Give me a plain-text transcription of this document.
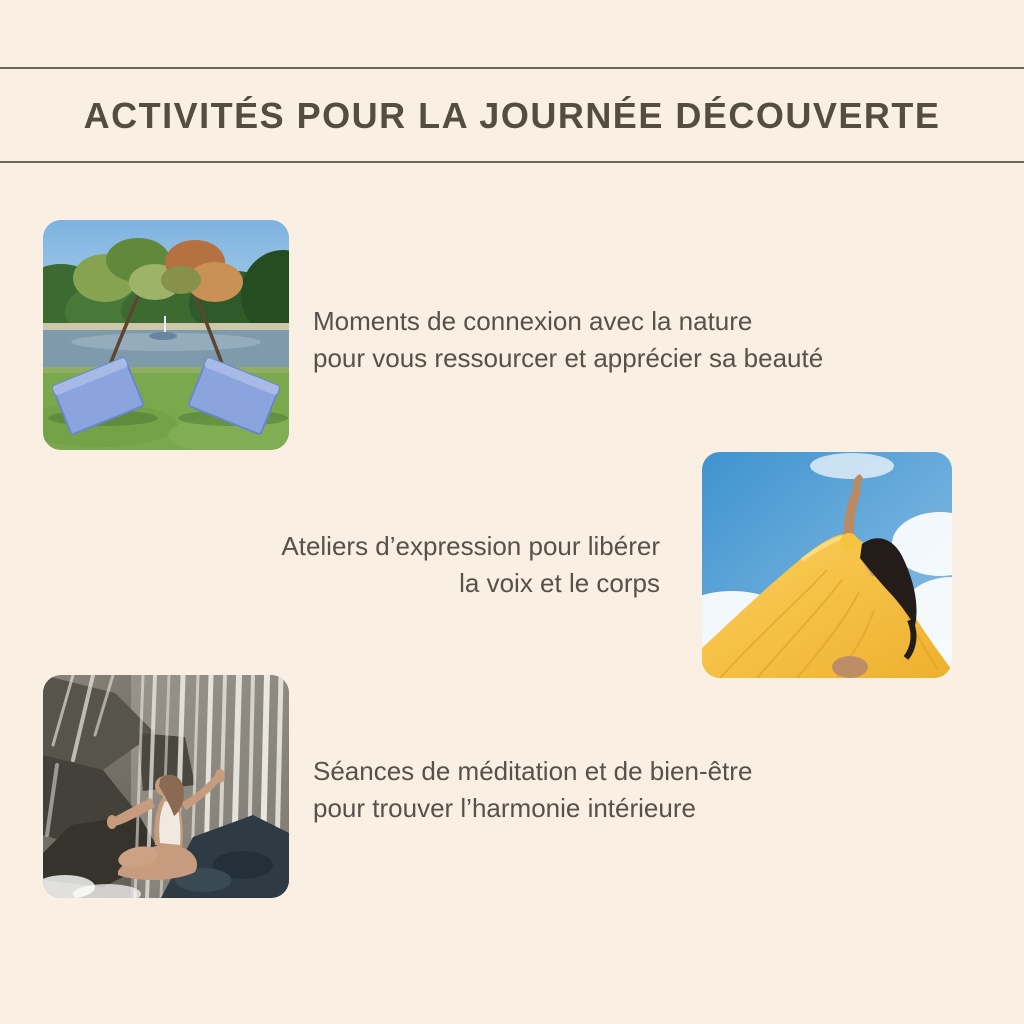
ACTIVITÉS POUR LA JOURNÉE DÉCOUVERTE

Moments de connexion avec la nature
pour vous ressourcer et apprécier sa beauté

Ateliers d’expression pour libérer
la voix et le corps

Séances de méditation et de bien-être
pour trouver l’harmonie intérieure
